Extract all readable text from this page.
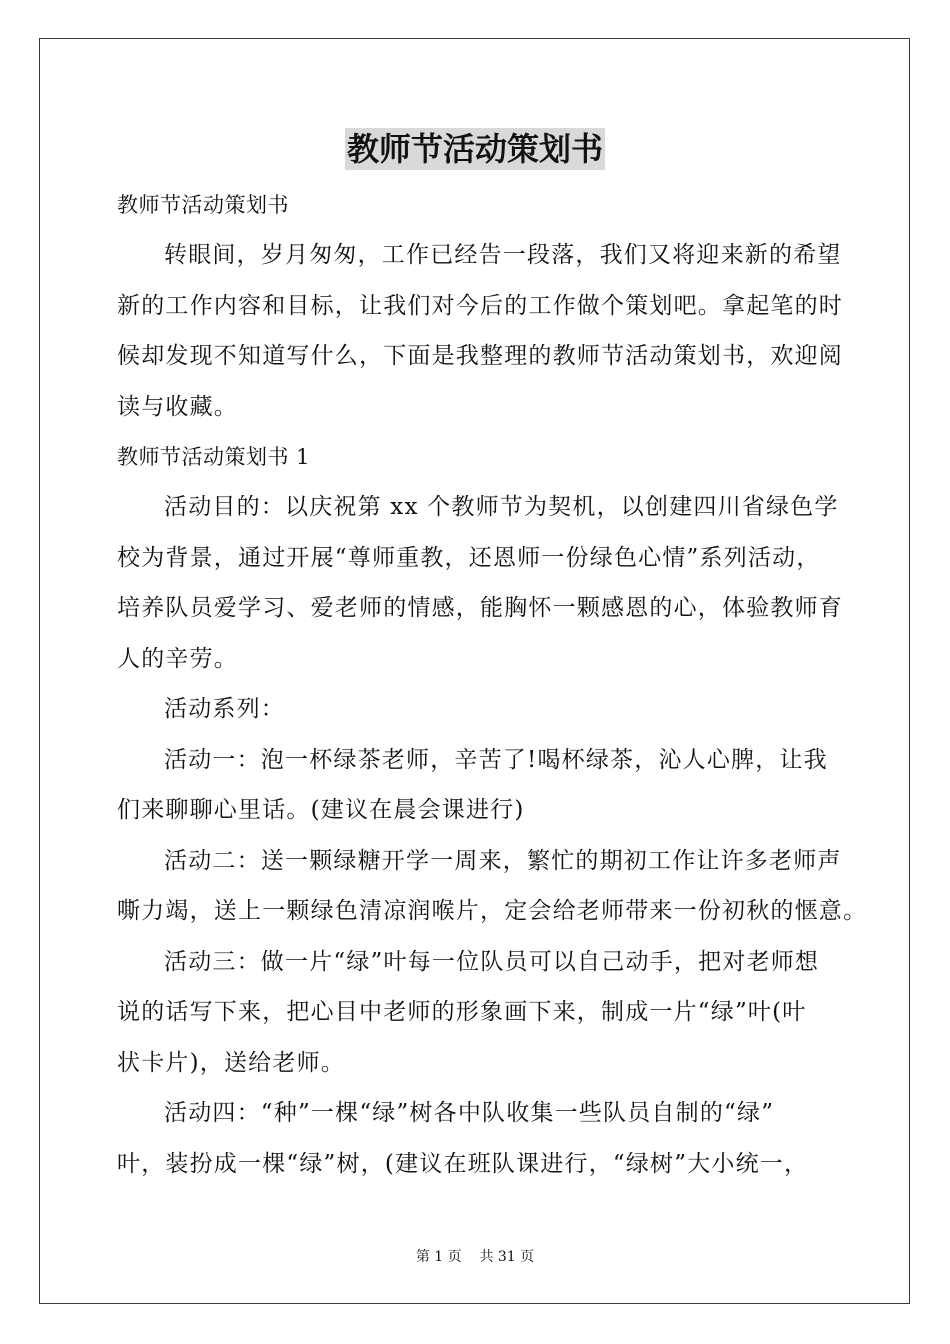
教师节活动策划书
教师节活动策划书
转眼间，岁月匆匆，工作已经告一段落，我们又将迎来新的希望
新的工作内容和目标，让我们对今后的工作做个策划吧。拿起笔的时
候却发现不知道写什么，下面是我整理的教师节活动策划书，欢迎阅
读与收藏。
教师节活动策划书 1
活动目的：以庆祝第 xx 个教师节为契机，以创建四川省绿色学
校为背景，通过开展“尊师重教，还恩师一份绿色心情”系列活动，
培养队员爱学习、爱老师的情感，能胸怀一颗感恩的心，体验教师育
人的辛劳。
活动系列：
活动一：泡一杯绿茶老师，辛苦了!喝杯绿茶，沁人心脾，让我
们来聊聊心里话。(建议在晨会课进行)
活动二：送一颗绿糖开学一周来，繁忙的期初工作让许多老师声
嘶力竭，送上一颗绿色清凉润喉片，定会给老师带来一份初秋的惬意。
活动三：做一片“绿”叶每一位队员可以自己动手，把对老师想
说的话写下来，把心目中老师的形象画下来，制成一片“绿”叶(叶
状卡片)，送给老师。
活动四：“种”一棵“绿”树各中队收集一些队员自制的“绿”
叶，装扮成一棵“绿”树，(建议在班队课进行，“绿树”大小统一，
第 1 页 共 31 页
